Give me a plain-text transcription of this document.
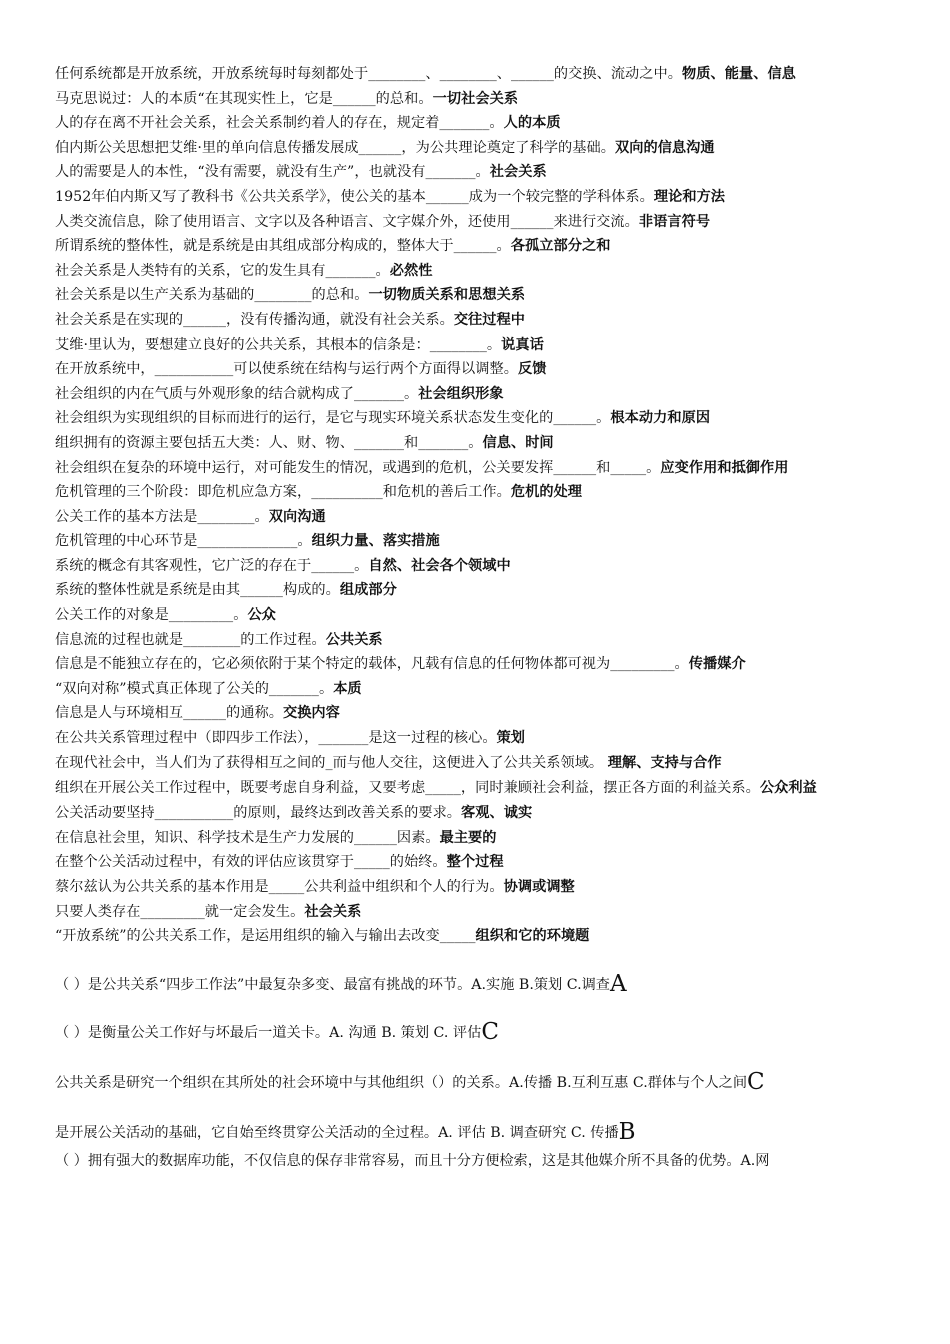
任何系统都是开放系统，开放系统每时每刻都处于________、________、______的交换、流动之中。物质、能量、信息
马克思说过：人的本质“在其现实性上，它是______的总和。一切社会关系
人的存在离不开社会关系，社会关系制约着人的存在，规定着_______。人的本质
伯内斯公关思想把艾维·里的单向信息传播发展成______，为公共理论奠定了科学的基础。双向的信息沟通
人的需要是人的本性，“没有需要，就没有生产”，也就没有_______。社会关系
1952年伯内斯又写了教科书《公共关系学》，使公关的基本______成为一个较完整的学科体系。理论和方法
人类交流信息，除了使用语言、文字以及各种语言、文字媒介外，还使用______来进行交流。非语言符号
所谓系统的整体性，就是系统是由其组成部分构成的，整体大于______。各孤立部分之和
社会关系是人类特有的关系，它的发生具有_______。必然性
社会关系是以生产关系为基础的________的总和。一切物质关系和思想关系
社会关系是在实现的______，没有传播沟通，就没有社会关系。交往过程中
艾维·里认为，要想建立良好的公共关系，其根本的信条是：________。说真话
在开放系统中，___________可以使系统在结构与运行两个方面得以调整。反馈
社会组织的内在气质与外观形象的结合就构成了_______。社会组织形象
社会组织为实现组织的目标而进行的运行，是它与现实环境关系状态发生变化的______。根本动力和原因
组织拥有的资源主要包括五大类：人、财、物、_______和_______。信息、时间
社会组织在复杂的环境中运行，对可能发生的情况，或遇到的危机，公关要发挥______和_____。应变作用和抵御作用
危机管理的三个阶段：即危机应急方案，__________和危机的善后工作。危机的处理
公关工作的基本方法是________。双向沟通
危机管理的中心环节是______________。组织力量、落实措施
系统的概念有其客观性，它广泛的存在于______。自然、社会各个领域中
系统的整体性就是系统是由其______构成的。组成部分
公关工作的对象是_________。公众
信息流的过程也就是________的工作过程。公共关系
信息是不能独立存在的，它必须依附于某个特定的载体，凡载有信息的任何物体都可视为_________。传播媒介
“双向对称”模式真正体现了公关的_______。本质
信息是人与环境相互______的通称。交换内容
在公共关系管理过程中（即四步工作法），_______是这一过程的核心。策划
在现代社会中，当人们为了获得相互之间的_而与他人交往，这便进入了公共关系领域。 理解、支持与合作
组织在开展公关工作过程中，既要考虑自身利益，又要考虑_____，同时兼顾社会利益，摆正各方面的利益关系。公众利益
公关活动要坚持___________的原则，最终达到改善关系的要求。客观、诚实
在信息社会里，知识、科学技术是生产力发展的______因素。最主要的
在整个公关活动过程中，有效的评估应该贯穿于_____的始终。整个过程
蔡尔兹认为公共关系的基本作用是_____公共利益中组织和个人的行为。协调或调整
只要人类存在_________就一定会发生。社会关系
“开放系统”的公共关系工作，是运用组织的输入与输出去改变_____组织和它的环境题
（ ）是公共关系“四步工作法”中最复杂多变、最富有挑战的环节。A.实施 B.策划 C.调查A
（ ）是衡量公关工作好与坏最后一道关卡。A. 沟通 B. 策划 C. 评估C
公共关系是研究一个组织在其所处的社会环境中与其他组织（）的关系。A.传播 B.互利互惠 C.群体与个人之间C
是开展公关活动的基础，它自始至终贯穿公关活动的全过程。A. 评估 B. 调查研究 C. 传播B
（ ）拥有强大的数据库功能，不仅信息的保存非常容易，而且十分方便检索，这是其他媒介所不具备的优势。A.网
